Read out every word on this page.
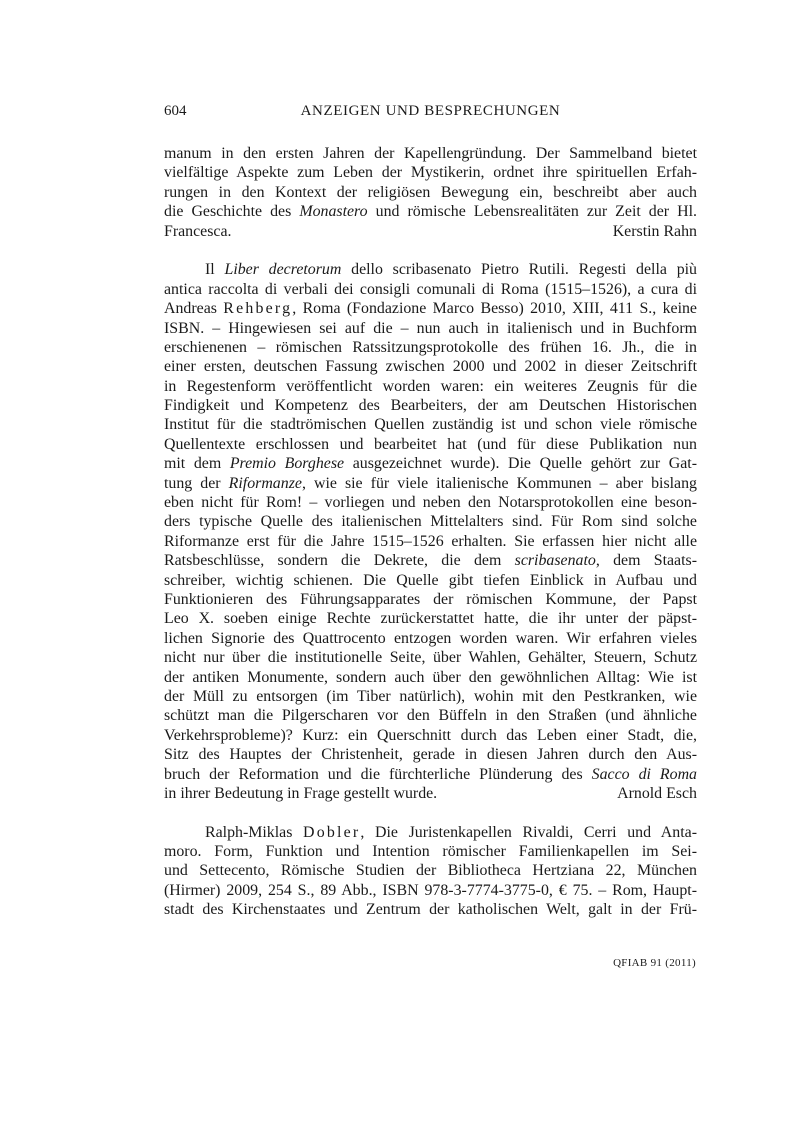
604	ANZEIGEN UND BESPRECHUNGEN
manum in den ersten Jahren der Kapellengründung. Der Sammelband bietet
vielfältige Aspekte zum Leben der Mystikerin, ordnet ihre spirituellen Erfah-
rungen in den Kontext der religiösen Bewegung ein, beschreibt aber auch
die Geschichte des Monastero und römische Lebensrealitäten zur Zeit der Hl.
Francesca.	Kerstin Rahn
Il Liber decretorum dello scribasenato Pietro Rutili. Regesti della più
antica raccolta di verbali dei consigli comunali di Roma (1515–1526), a cura di
Andreas Rehberg, Roma (Fondazione Marco Besso) 2010, XIII, 411 S., keine
ISBN. – Hingewiesen sei auf die – nun auch in italienisch und in Buchform
erschienenen – römischen Ratssitzungsprotokolle des frühen 16. Jh., die in
einer ersten, deutschen Fassung zwischen 2000 und 2002 in dieser Zeitschrift
in Regestenform veröffentlicht worden waren: ein weiteres Zeugnis für die
Findigkeit und Kompetenz des Bearbeiters, der am Deutschen Historischen
Institut für die stadtrömischen Quellen zuständig ist und schon viele römische
Quellentexte erschlossen und bearbeitet hat (und für diese Publikation nun
mit dem Premio Borghese ausgezeichnet wurde). Die Quelle gehört zur Gat-
tung der Riformanze, wie sie für viele italienische Kommunen – aber bislang
eben nicht für Rom! – vorliegen und neben den Notarsprotokollen eine beson-
ders typische Quelle des italienischen Mittelalters sind. Für Rom sind solche
Riformanze erst für die Jahre 1515–1526 erhalten. Sie erfassen hier nicht alle
Ratsbeschlüsse, sondern die Dekrete, die dem scribasenato, dem Staats-
schreiber, wichtig schienen. Die Quelle gibt tiefen Einblick in Aufbau und
Funktionieren des Führungsapparates der römischen Kommune, der Papst
Leo X. soeben einige Rechte zurückerstattet hatte, die ihr unter der päpst-
lichen Signorie des Quattrocento entzogen worden waren. Wir erfahren vieles
nicht nur über die institutionelle Seite, über Wahlen, Gehälter, Steuern, Schutz
der antiken Monumente, sondern auch über den gewöhnlichen Alltag: Wie ist
der Müll zu entsorgen (im Tiber natürlich), wohin mit den Pestkranken, wie
schützt man die Pilgerscharen vor den Büffeln in den Straßen (und ähnliche
Verkehrsprobleme)? Kurz: ein Querschnitt durch das Leben einer Stadt, die,
Sitz des Hauptes der Christenheit, gerade in diesen Jahren durch den Aus-
bruch der Reformation und die fürchterliche Plünderung des Sacco di Roma
in ihrer Bedeutung in Frage gestellt wurde.	Arnold Esch
Ralph-Miklas Dobler, Die Juristenkapellen Rivaldi, Cerri und Anta-
moro. Form, Funktion und Intention römischer Familienkapellen im Sei-
und Settecento, Römische Studien der Bibliotheca Hertziana 22, München
(Hirmer) 2009, 254 S., 89 Abb., ISBN 978-3-7774-3775-0, € 75. – Rom, Haupt-
stadt des Kirchenstaates und Zentrum der katholischen Welt, galt in der Frü-
QFIAB 91 (2011)
